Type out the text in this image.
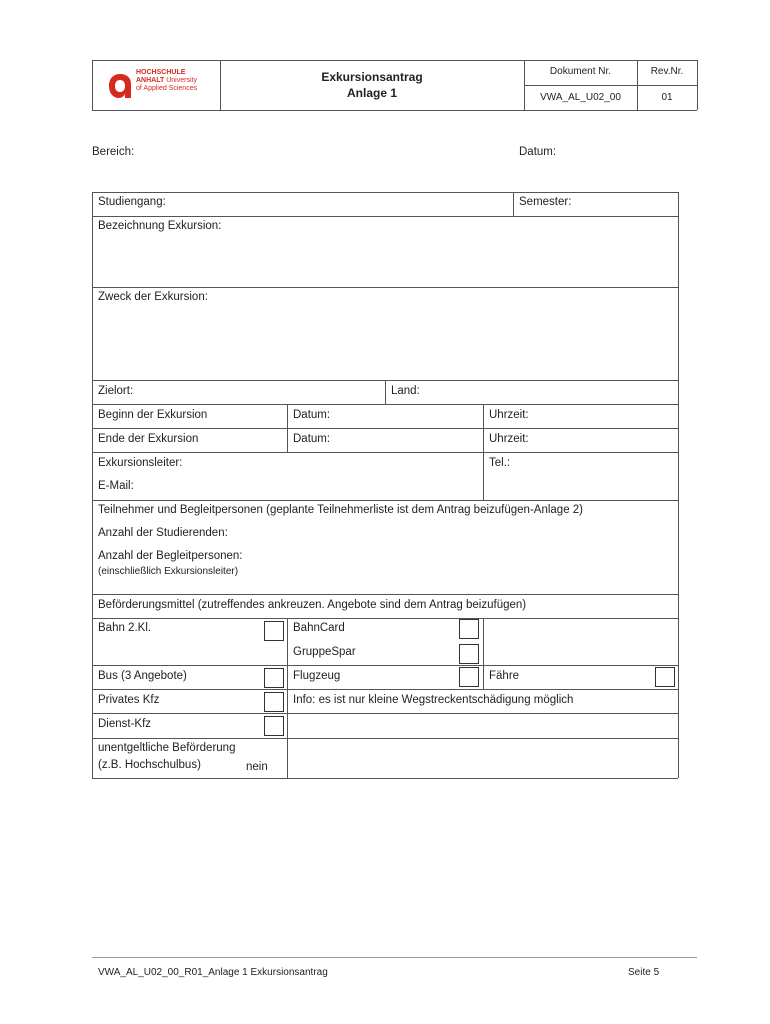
HOCHSCHULE
ANHALT University
of Applied Sciences
Exkursionsantrag
Anlage 1
Dokument Nr.
VWA_AL_U02_00
Rev.Nr.
01
Bereich:	Datum:
Studiengang:	Semester:
Bezeichnung Exkursion:
Zweck der Exkursion:
Zielort:	Land:
Beginn der Exkursion	Datum:	Uhrzeit:
Ende der Exkursion	Datum:	Uhrzeit:
Exkursionsleiter:	Tel.:
E-Mail:
Teilnehmer und Begleitpersonen (geplante Teilnehmerliste ist dem Antrag beizufügen-Anlage 2)
Anzahl der Studierenden:
Anzahl der Begleitpersonen:
(einschließlich Exkursionsleiter)
Beförderungsmittel (zutreffendes ankreuzen. Angebote sind dem Antrag beizufügen)
Bahn 2.Kl.	BahnCard
GruppeSpar
Bus (3 Angebote)	Flugzeug	Fähre
Privates Kfz	Info: es ist nur kleine Wegstreckentschädigung möglich
Dienst-Kfz
unentgeltliche Beförderung
(z.B. Hochschulbus)	nein
VWA_AL_U02_00_R01_Anlage 1 Exkursionsantrag	Seite 5
